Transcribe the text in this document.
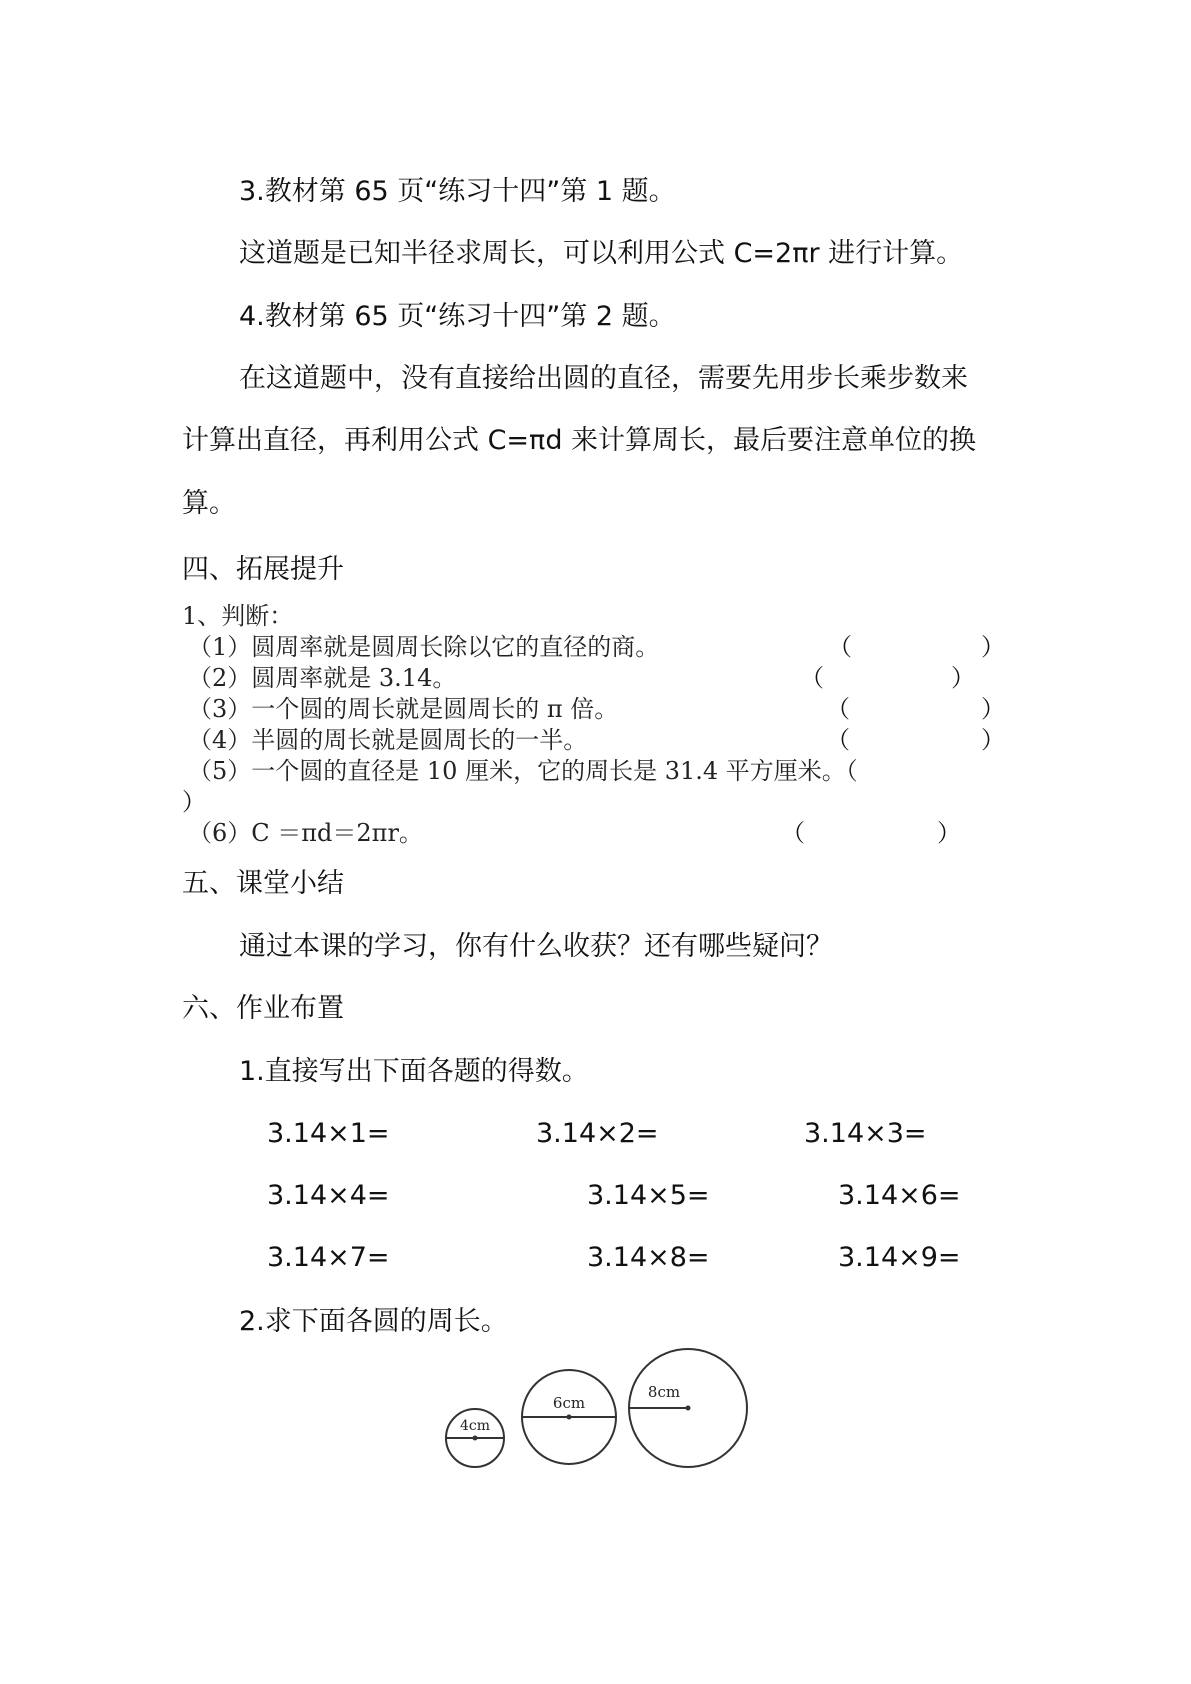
3.教材第 65 页“练习十四”第 1 题。
这道题是已知半径求周长，可以利用公式 C=2πr 进行计算。
4.教材第 65 页“练习十四”第 2 题。
在这道题中，没有直接给出圆的直径，需要先用步长乘步数来
计算出直径，再利用公式 C=πd 来计算周长，最后要注意单位的换
算。
四、拓展提升
1、判断：
（1）圆周率就是圆周长除以它的直径的商。	（	）
（2）圆周率就是 3.14。	（	）
（3）一个圆的周长就是圆周长的 π 倍。	（	）
（4）半圆的周长就是圆周长的一半。	（	）
（5）一个圆的直径是 10 厘米，它的周长是 31.4 平方厘米。（
）
（6）C ＝πd＝2πr。	（	）
五、课堂小结
通过本课的学习，你有什么收获？还有哪些疑问？
六、作业布置
1.直接写出下面各题的得数。
3.14×1=	3.14×2=	3.14×3=
3.14×4=	3.14×5=	3.14×6=
3.14×7=	3.14×8=	3.14×9=
2.求下面各圆的周长。
4cm
6cm
8cm
